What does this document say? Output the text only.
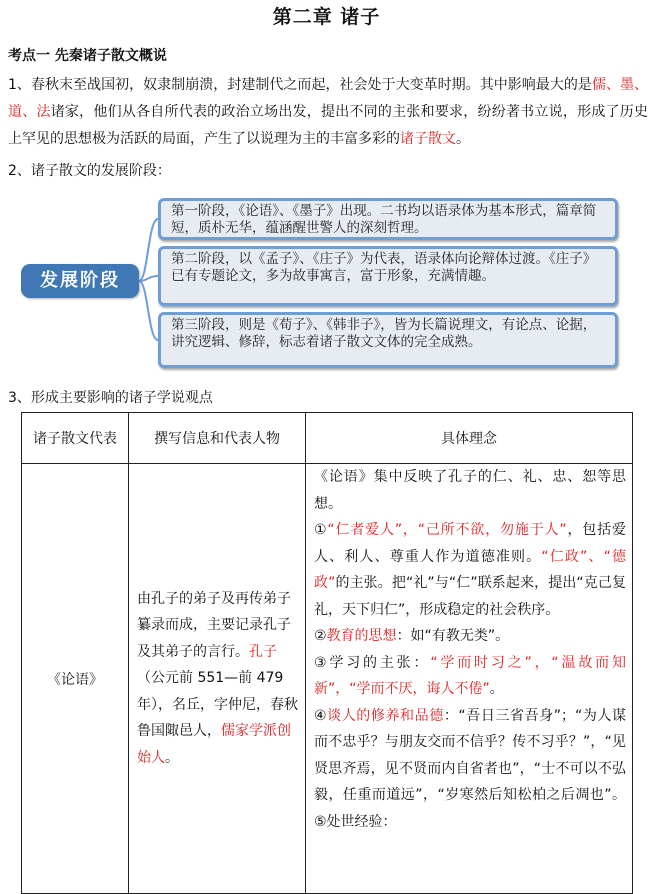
第二章 诸子
考点一 先秦诸子散文概说
1、春秋末至战国初，奴隶制崩溃，封建制代之而起，社会处于大变革时期。其中影响最大的是儒、墨、道、法诸家，他们从各自所代表的政治立场出发，提出不同的主张和要求，纷纷著书立说，形成了历史上罕见的思想极为活跃的局面，产生了以说理为主的丰富多彩的诸子散文。
2、诸子散文的发展阶段：
发展阶段
第一阶段，《论语》、《墨子》出现。二书均以语录体为基本形式，篇章简短，质朴无华，蕴涵醒世警人的深刻哲理。
第二阶段，以《孟子》、《庄子》为代表，语录体向论辩体过渡。《庄子》已有专题论文，多为故事寓言，富于形象，充满情趣。
第三阶段，则是《荀子》、《韩非子》，皆为长篇说理文，有论点、论据，讲究逻辑、修辞，标志着诸子散文文体的完全成熟。
3、形成主要影响的诸子学说观点
诸子散文代表	撰写信息和代表人物	具体理念
《论语》	由孔子的弟子及再传弟子纂录而成，主要记录孔子及其弟子的言行。孔子（公元前 551—前 479 年），名丘，字仲尼，春秋鲁国陬邑人，儒家学派创始人。	《论语》集中反映了孔子的仁、礼、忠、恕等思想。
①“仁者爱人”，“己所不欲，勿施于人”，包括爱人、利人、尊重人作为道德准则。“仁政”、“德政”的主张。把“礼”与“仁”联系起来，提出“克己复礼，天下归仁”，形成稳定的社会秩序。
②教育的思想：如“有教无类”。
③学习的主张：“学而时习之”，“温故而知新”，“学而不厌，诲人不倦”。
④谈人的修养和品德：“吾日三省吾身”；“为人谋而不忠乎？与朋友交而不信乎？传不习乎？”，“见贤思齐焉，见不贤而内自省者也”，“士不可以不弘毅，任重而道远”，“岁寒然后知松柏之后凋也”。⑤处世经验：
